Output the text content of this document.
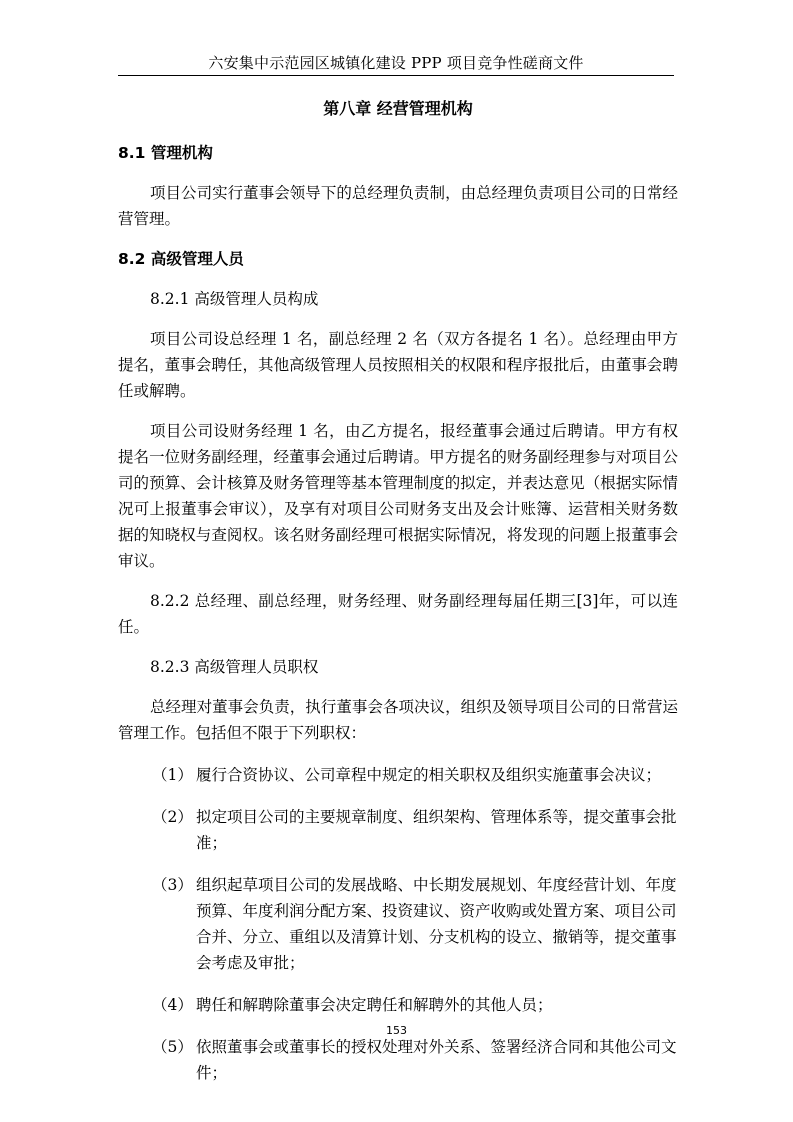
六安集中示范园区城镇化建设 PPP 项目竞争性磋商文件
第八章 经营管理机构
8.1 管理机构
项目公司实行董事会领导下的总经理负责制，由总经理负责项目公司的日常经营管理。
8.2 高级管理人员
8.2.1 高级管理人员构成
项目公司设总经理 1 名，副总经理 2 名（双方各提名 1 名）。总经理由甲方提名，董事会聘任，其他高级管理人员按照相关的权限和程序报批后，由董事会聘任或解聘。
项目公司设财务经理 1 名，由乙方提名，报经董事会通过后聘请。甲方有权提名一位财务副经理，经董事会通过后聘请。甲方提名的财务副经理参与对项目公司的预算、会计核算及财务管理等基本管理制度的拟定，并表达意见（根据实际情况可上报董事会审议），及享有对项目公司财务支出及会计账簿、运营相关财务数据的知晓权与查阅权。该名财务副经理可根据实际情况，将发现的问题上报董事会审议。
8.2.2 总经理、副总经理，财务经理、财务副经理每届任期三[3]年，可以连任。
8.2.3 高级管理人员职权
总经理对董事会负责，执行董事会各项决议，组织及领导项目公司的日常营运管理工作。包括但不限于下列职权：
（1） 履行合资协议、公司章程中规定的相关职权及组织实施董事会决议；
（2） 拟定项目公司的主要规章制度、组织架构、管理体系等，提交董事会批准；
（3） 组织起草项目公司的发展战略、中长期发展规划、年度经营计划、年度预算、年度利润分配方案、投资建议、资产收购或处置方案、项目公司合并、分立、重组以及清算计划、分支机构的设立、撤销等，提交董事会考虑及审批；
（4） 聘任和解聘除董事会决定聘任和解聘外的其他人员；
（5） 依照董事会或董事长的授权处理对外关系、签署经济合同和其他公司文件；
153
